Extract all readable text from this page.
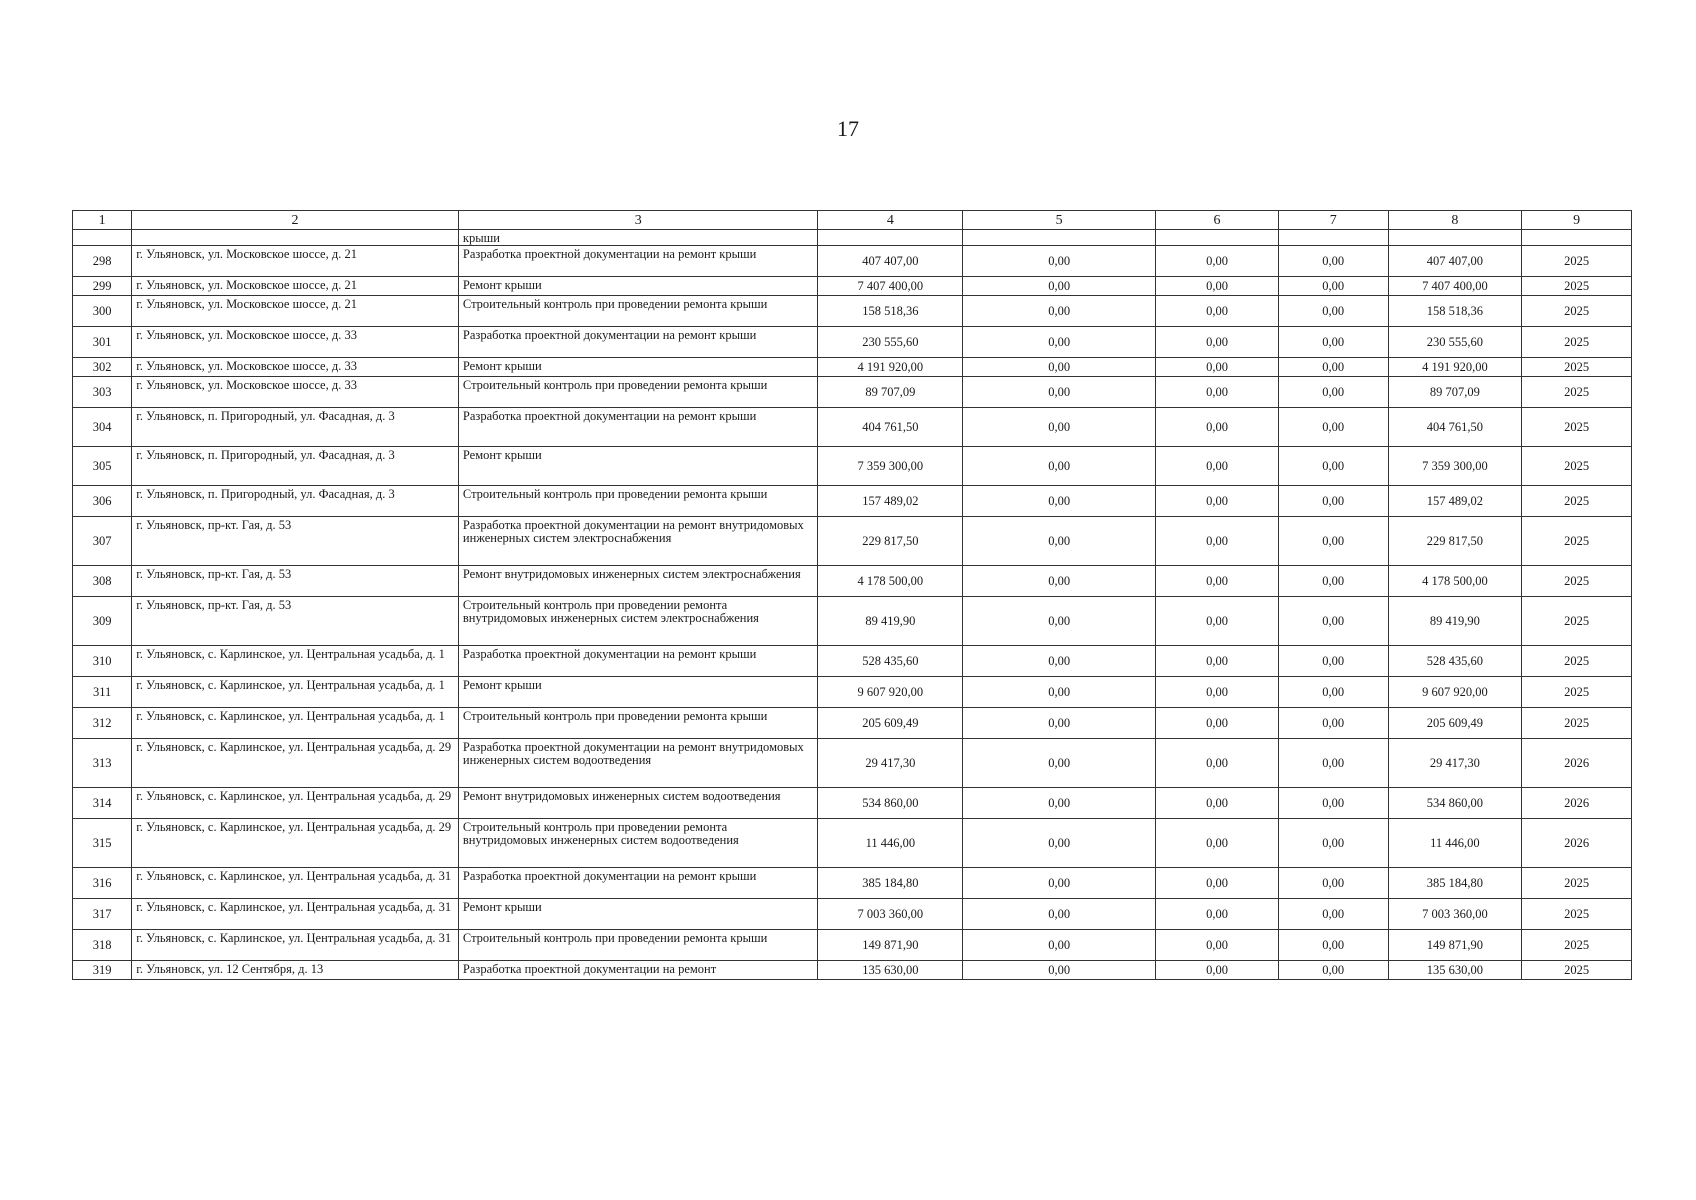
17
1	2	3	4	5	6	7	8	9
		крыши						
298	г. Ульяновск, ул. Московское шоссе, д. 21	Разработка проектной документации на ремонт крыши	407 407,00	0,00	0,00	0,00	407 407,00	2025
299	г. Ульяновск, ул. Московское шоссе, д. 21	Ремонт крыши	7 407 400,00	0,00	0,00	0,00	7 407 400,00	2025
300	г. Ульяновск, ул. Московское шоссе, д. 21	Строительный контроль при проведении ремонта крыши	158 518,36	0,00	0,00	0,00	158 518,36	2025
301	г. Ульяновск, ул. Московское шоссе, д. 33	Разработка проектной документации на ремонт крыши	230 555,60	0,00	0,00	0,00	230 555,60	2025
302	г. Ульяновск, ул. Московское шоссе, д. 33	Ремонт крыши	4 191 920,00	0,00	0,00	0,00	4 191 920,00	2025
303	г. Ульяновск, ул. Московское шоссе, д. 33	Строительный контроль при проведении ремонта крыши	89 707,09	0,00	0,00	0,00	89 707,09	2025
304	г. Ульяновск, п. Пригородный, ул. Фасадная, д. 3	Разработка проектной документации на ремонт крыши	404 761,50	0,00	0,00	0,00	404 761,50	2025
305	г. Ульяновск, п. Пригородный, ул. Фасадная, д. 3	Ремонт крыши	7 359 300,00	0,00	0,00	0,00	7 359 300,00	2025
306	г. Ульяновск, п. Пригородный, ул. Фасадная, д. 3	Строительный контроль при проведении ремонта крыши	157 489,02	0,00	0,00	0,00	157 489,02	2025
307	г. Ульяновск, пр-кт. Гая, д. 53	Разработка проектной документации на ремонт внутридомовых инженерных систем электроснабжения	229 817,50	0,00	0,00	0,00	229 817,50	2025
308	г. Ульяновск, пр-кт. Гая, д. 53	Ремонт внутридомовых инженерных систем электроснабжения	4 178 500,00	0,00	0,00	0,00	4 178 500,00	2025
309	г. Ульяновск, пр-кт. Гая, д. 53	Строительный контроль при проведении ремонта внутридомовых инженерных систем электроснабжения	89 419,90	0,00	0,00	0,00	89 419,90	2025
310	г. Ульяновск, с. Карлинское, ул. Центральная усадьба, д. 1	Разработка проектной документации на ремонт крыши	528 435,60	0,00	0,00	0,00	528 435,60	2025
311	г. Ульяновск, с. Карлинское, ул. Центральная усадьба, д. 1	Ремонт крыши	9 607 920,00	0,00	0,00	0,00	9 607 920,00	2025
312	г. Ульяновск, с. Карлинское, ул. Центральная усадьба, д. 1	Строительный контроль при проведении ремонта крыши	205 609,49	0,00	0,00	0,00	205 609,49	2025
313	г. Ульяновск, с. Карлинское, ул. Центральная усадьба, д. 29	Разработка проектной документации на ремонт внутридомовых инженерных систем водоотведения	29 417,30	0,00	0,00	0,00	29 417,30	2026
314	г. Ульяновск, с. Карлинское, ул. Центральная усадьба, д. 29	Ремонт внутридомовых инженерных систем водоотведения	534 860,00	0,00	0,00	0,00	534 860,00	2026
315	г. Ульяновск, с. Карлинское, ул. Центральная усадьба, д. 29	Строительный контроль при проведении ремонта внутридомовых инженерных систем водоотведения	11 446,00	0,00	0,00	0,00	11 446,00	2026
316	г. Ульяновск, с. Карлинское, ул. Центральная усадьба, д. 31	Разработка проектной документации на ремонт крыши	385 184,80	0,00	0,00	0,00	385 184,80	2025
317	г. Ульяновск, с. Карлинское, ул. Центральная усадьба, д. 31	Ремонт крыши	7 003 360,00	0,00	0,00	0,00	7 003 360,00	2025
318	г. Ульяновск, с. Карлинское, ул. Центральная усадьба, д. 31	Строительный контроль при проведении ремонта крыши	149 871,90	0,00	0,00	0,00	149 871,90	2025
319	г. Ульяновск, ул. 12 Сентября, д. 13	Разработка проектной документации на ремонт	135 630,00	0,00	0,00	0,00	135 630,00	2025
